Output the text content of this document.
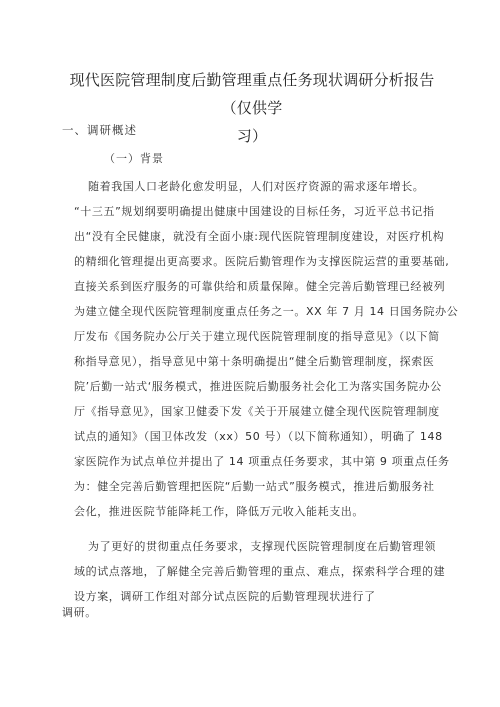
现代医院管理制度后勤管理重点任务现状调研分析报告（仅供学
习）
一、调研概述
（一）背景
随着我国人口老龄化愈发明显，人们对医疗资源的需求逐年增长。
“十三五”规划纲要明确提出健康中国建设的目标任务，习近平总书记指
出“没有全民健康，就没有全面小康:现代医院管理制度建设，对医疗机构
的精细化管理提出更高要求。医院后勤管理作为支撑医院运营的重要基础,
直接关系到医疗服务的可靠供给和质量保障。健全完善后勤管理已经被列
为建立健全现代医院管理制度重点任务之一。XX 年 7 月 14 日国务院办公
厅发布《国务院办公厅关于建立现代医院管理制度的指导意见》（以下简
称指导意见），指导意见中第十条明确提出“健全后勤管理制度，探索医
院’后勤一站式‘服务模式，推进医院后勤服务社会化工为落实国务院办公
厅《指导意见》，国家卫健委下发《关于开展建立健全现代医院管理制度
试点的通知》（国卫体改发（xx）50 号）（以下简称通知），明确了 148
家医院作为试点单位并提出了 14 项重点任务要求，其中第 9 项重点任务
为：健全完善后勤管理把医院“后勤一站式”服务模式，推进后勤服务社
会化，推进医院节能降耗工作，降低万元收入能耗支出。
为了更好的贯彻重点任务要求，支撑现代医院管理制度在后勤管理领
域的试点落地，了解健全完善后勤管理的重点、难点，探索科学合理的建
设方案，调研工作组对部分试点医院的后勤管理现状进行了
调研。
